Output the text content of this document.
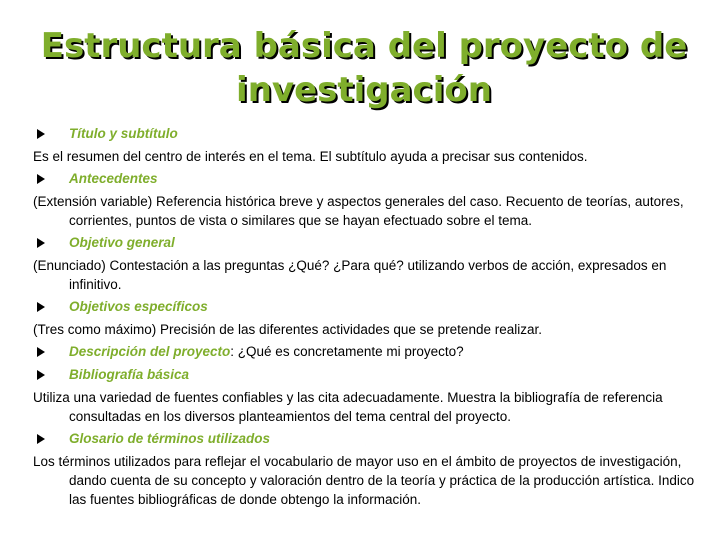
Estructura básica del proyecto de
investigación
Título y subtítulo
Es el resumen del centro de interés en el tema. El subtítulo ayuda a precisar sus contenidos.
Antecedentes
(Extensión variable) Referencia histórica breve y aspectos generales del caso. Recuento de teorías, autores, corrientes, puntos de vista o similares que se hayan efectuado sobre el tema.
Objetivo general
(Enunciado) Contestación a las preguntas ¿Qué? ¿Para qué? utilizando verbos de acción, expresados en infinitivo.
Objetivos específicos
(Tres como máximo) Precisión de las diferentes actividades que se pretende realizar.
Descripción del proyecto: ¿Qué es concretamente mi proyecto?
Bibliografía básica
Utiliza una variedad de fuentes confiables y las cita adecuadamente. Muestra la bibliografía de referencia consultadas en los diversos planteamientos del tema central del proyecto.
Glosario de términos utilizados
Los términos utilizados para reflejar el vocabulario de mayor uso en el ámbito de proyectos de investigación, dando cuenta de su concepto y valoración dentro de la teoría y práctica de la producción artística. Indico las fuentes bibliográficas de donde obtengo la información.
